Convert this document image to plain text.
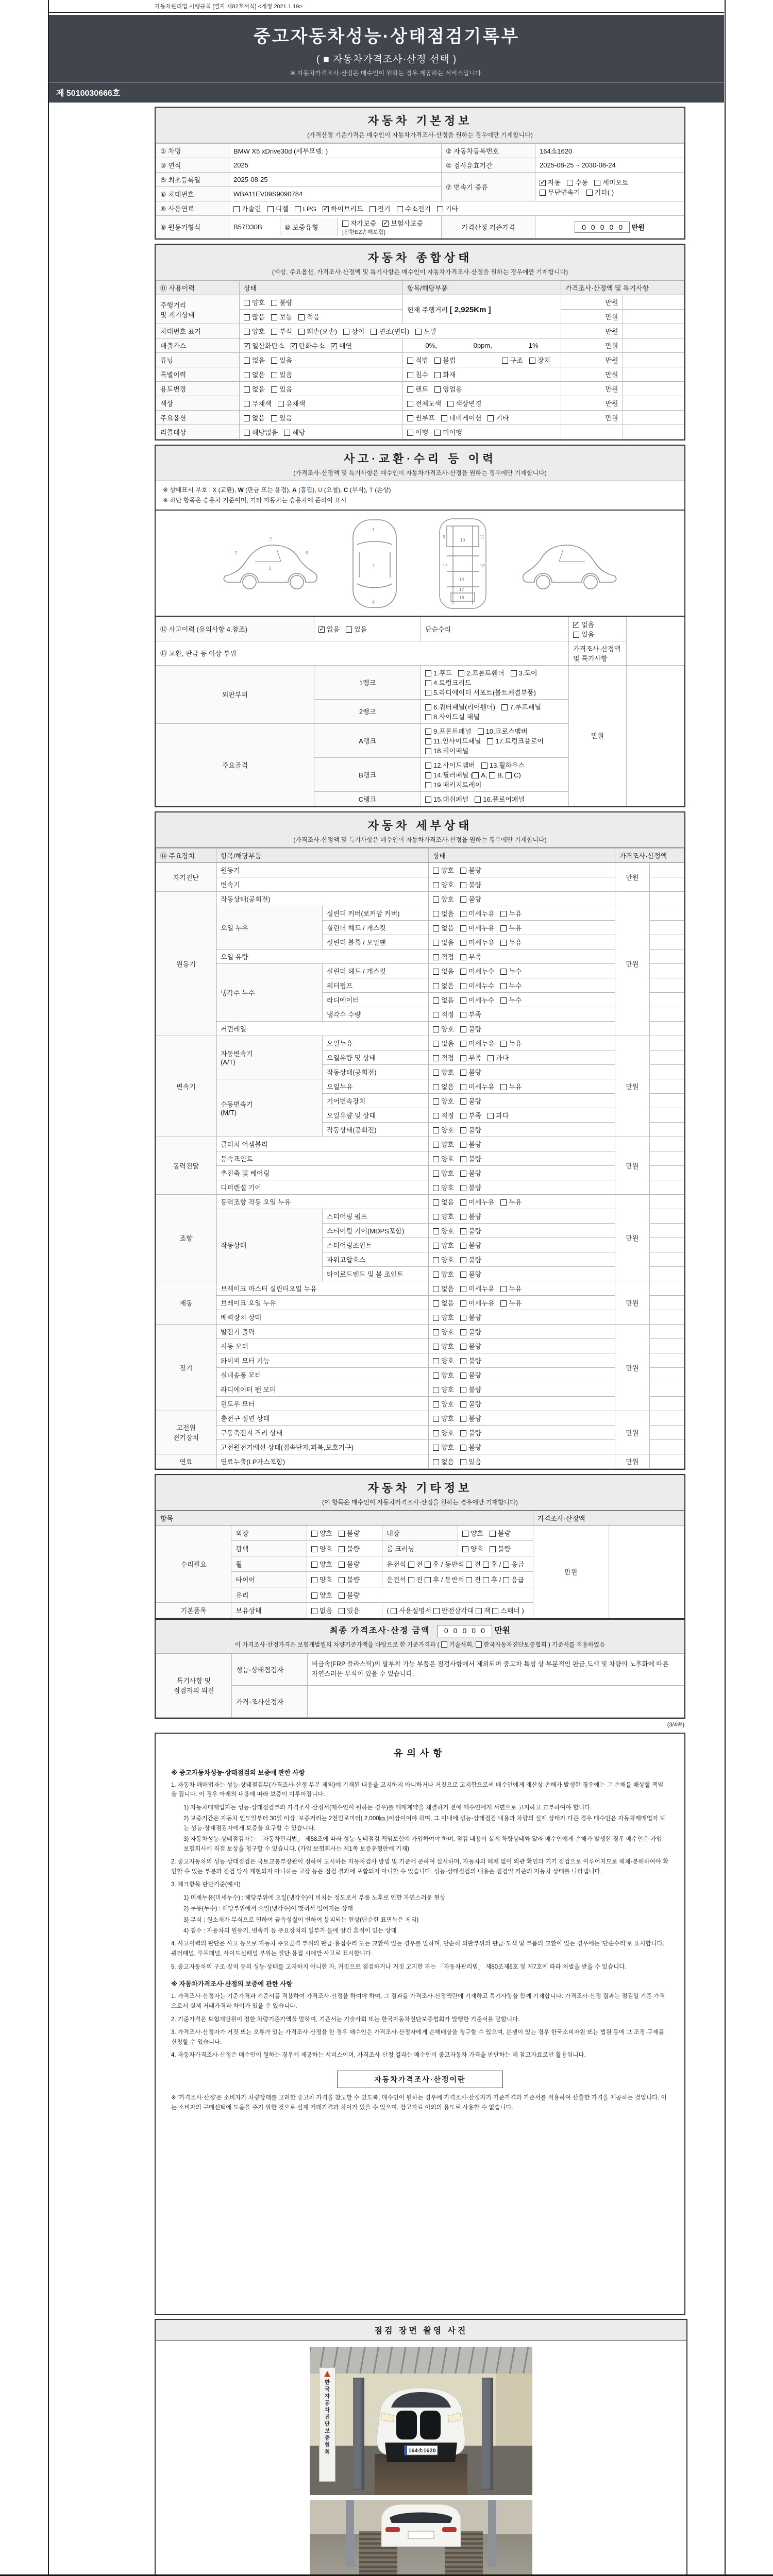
자동차관리법 시행규칙 [별지 제82호서식] <개정 2021.1.19>
중고자동차성능·상태점검기록부
( ■ 자동차가격조사·산정 선택 )
※ 자동차가격조사·산정은 매수인이 원하는 경우 제공하는 서비스입니다.
제 5010030666호
자동차 기본정보
(가격산정 기준가격은 매수인이 자동차가격조사·산정을 원하는 경우에만 기재합니다)
① 차명	BMW X5 xDrive30d (세부모델: )	② 자동차등록번호	164소1620
③ 연식	2025	④ 검사유효기간	2025-08-25 ~ 2030-08-24
⑤ 최초등록일	2025-08-25	⑦ 변속기 종류	✓자동 수동 세미오토
무단변속기 기타( )
⑥ 차대번호	WBA11EV09S9090784
⑧ 사용연료	가솔린 디젤 LPG ✓ 하이브리드 전기 수소전기 기타
⑨ 원동기형식		B57D30B	⑩ 보증유형	자가보증 ✓ 보험사보증[신한EZ손해보험]
	가격산정 기준가격	0 0 0 0 0 만원
자동차 종합상태
(색상, 주요옵션, 가격조사·산정액 및 특기사항은 매수인이 자동차가격조사·산정을 원하는 경우에만 기재합니다)
⑪ 사용이력	상태	항목/해당부품	가격조사·산정액 및 특기사항	
주행거리
및 계기상태	양호 불량	현재 주행거리 [ 2,925Km ]	만원	
	많음 보통 적음		만원	
차대번호 표기	양호 부식 훼손(오손) 상이 변조(변타) 도말		만원	
배출가스	✓일산화탄소 ✓ 탄화수소 ✓ 매연	0%, 0ppm, 1%	만원	
튜닝	없음 있음	적법 불법 구조 장치	만원	
특별이력	없음 있음	침수 화재	만원	
용도변경	없음 있음	렌트 영업용	만원	
색상	무채색 유채색	전체도색 색상변경	만원	
주요옵션	없음 있음	썬루프 네비게이션 기타	만원	
리콜대상	해당없음 해당	이행 미이행		
사고·교환·수리 등 이력
(가격조사·산정액 및 특기사항은 매수인이 자동차가격조사·산정을 원하는 경우에만 기재합니다)
※ 상태표시 부호 : X (교환), W (판금 또는 용접), A (흠집), U (요철), C (부식), T (손상)
※ 하단 항목은 승용차 기준이며, 기타 자동차는 승용차에 준하여 표시
2
7
6
3
1
7
4
9
10
11
12	13
14
17
18
⑫ 사고이력 (유의사항 4.참조)	✓없음 있음	단순수리	✓없음있음
⑬ 교환, 판금 등 이상 부위			가격조사·산정액 및 특기사항	
외판부위	1랭크	1.후드 2.프론트휀더 3.도어4.트렁크리드5.라디에이터 서포트(볼트체결부품)	만원	
	2랭크	6.쿼터패널(리어휀더) 7.루프패널8.사이드실 패널		
주요골격	A랭크	9.프론트패널 10.크로스멤버11.인사이드패널 17.트렁크플로어18.리어패널		
	B랭크	12.사이드멤버 13.휠하우스14.필러패널 ( A, B, C)19.패키지트레이		
	C랭크	15.대쉬패널 16.플로어패널		
자동차 세부상태
(가격조사·산정액 및 특기사항은 매수인이 자동차가격조사·산정을 원하는 경우에만 기재합니다)
⑭ 주요장치	항목/해당부품		상태	가격조사·산정액	
자기진단	원동기		양호 불량	만원	
	변속기		양호 불량		
원동기	작동상태(공회전)		양호 불량	만원	
	오일 누유	실린더 커버(로커암 커버)	없음 미세누유 누유		
		실린더 헤드 / 개스킷	없음 미세누유 누유		
		실린더 블록 / 오일팬	없음 미세누유 누유		
	오일 유량		적정 부족		
	냉각수 누수	실린더 헤드 / 개스킷	없음 미세누수 누수		
		워터펌프	없음 미세누수 누수		
		라디에이터	없음 미세누수 누수		
		냉각수 수량	적정 부족		
	커먼레일		양호 불량		
변속기	자동변속기
(A/T)	오일누유	없음 미세누유 누유	만원	
		오일유량 및 상태	적정 부족 과다		
		작동상태(공회전)	양호 불량		
	수동변속기
(M/T)	오일누유	없음 미세누유 누유		
		기어변속장치	양호 불량		
		오일유량 및 상태	적정 부족 과다		
		작동상태(공회전)	양호 불량		
동력전달	클러치 어셈블리		양호 불량	만원	
	등속죠인트		양호 불량		
	추진축 및 베어링		양호 불량		
	디퍼렌셜 기어		양호 불량		
조향	동력조향 작동 오일 누유		없음 미세누유 누유	만원	
	작동상태	스티어링 펌프	양호 불량		
		스티어링 기어(MDPS포함)	양호 불량		
		스티어링조인트	양호 불량		
		파워고압호스	양호 불량		
		타이로드엔드 및 볼 조인트	양호 불량		
제동	브레이크 마스터 실린더오일 누유		없음 미세누유 누유	만원	
	브레이크 오일 누유		없음 미세누유 누유		
	배력장치 상태		양호 불량		
전기	발전기 출력		양호 불량	만원	
	시동 모터		양호 불량		
	와이퍼 모터 기능		양호 불량		
	실내송풍 모터		양호 불량		
	라디에이터 팬 모터		양호 불량		
	윈도우 모터		양호 불량		
고전원
전기장치	충전구 절연 상태		양호 불량	만원	
	구동축전지 격리 상태		양호 불량		
	고전원전기배선 상태(접속단자,피복,보호기구)		양호 불량		
연료	연료누출(LP가스포함)		없음 있음	만원	
자동차 기타정보
(이 항목은 매수인이 자동차가격조사·산정을 원하는 경우에만 기재합니다)
항목					가격조사·산정액	
수리필요	외장	양호 불량	내장	양호 불량	만원	
	광택	양호 불량	룸 크리닝	양호 불량		
	휠	양호 불량	운전석 전 후 / 동반석 전 후 / 응급			
	타이어	양호 불량	운전석 전 후 / 동반석 전 후 / 응급			
	유리	양호 불량				
기본품목	보유상태	없음 있음	( 사용설명서 안전삼각대 잭 스패너 )			
최종 가격조사·산정 금액 0 0 0 0 0 만원
이 가격조사·산정가격은 보험개발원의 차량기준가액을 바탕으로 한 기준가격과 ( 기술사회, 한국자동차진단보증협회 ) 기준서를 적용하였음
특기사항 및
점검자의 의견	성능·상태점검자	비금속(FRP 플라스틱)의 탈부착 가능 부품은 점검사항에서 제외되며 중고차 특성 상 부분적인 판금,도색 및 차량의 노후화에 따른 자연스러운 부식이 있을 수 있습니다.
	가격·조사산정자	
(3/4쪽)
유의사항
※ 중고자동차성능·상태점검의 보증에 관한 사항
1. 자동차 매매업자는 성능·상태점검부(가격조사·산정 부분 제외)에 기재된 내용을 고지하지 아니하거나 거짓으로 고지함으로써 매수인에게 재산상 손해가 발생한 경우에는 그 손해를 배상할 책임을 집니다. 이 경우 아래의 내용에 따라 보증이 이루어집니다.
1) 자동차매매업자는 성능·상태점검부와 가격조사·산정서(매수인이 원하는 경우)를 매매계약을 체결하기 전에 매수인에게 서면으로 고지하고 교부하여야 합니다.
2) 보증기간은 자동차 인도일부터 30일 이상, 보증거리는 2천킬로미터( 2,000㎞ )이상이어야 하며, 그 이내에 성능·상태점검 내용과 차량의 실제 상태가 다른 경우 매수인은 자동차매매업자 또는 성능·상태점검자에게 보증을 요구할 수 있습니다.
3) 자동차성능·상태점검자는 「자동차관리법」 제58조에 따라 성능·상태점검 책임보험에 가입하여야 하며, 점검 내용이 실제 차량상태와 달라 매수인에게 손해가 발생한 경우 매수인은 가입 보험회사에 직접 보상을 청구할 수 있습니다. (가입 보험회사는 제1쪽 보증유형란에 기재)
2. 중고자동차의 성능·상태점검은 국토교통부장관이 정하여 고시하는 자동차검사 방법 및 기준에 준하여 실시하며, 자동차의 해체 없이 외관 확인과 기기 점검으로 이루어지므로 해체·분해하여야 확인할 수 있는 부분과 점검 당시 재현되지 아니하는 고장 등은 점검 결과에 포함되지 아니할 수 있습니다. 성능·상태점검의 내용은 점검일 기준의 자동차 상태를 나타냅니다.
3. 체크항목 판단기준(예시)
1) 미세누유(미세누수) : 해당부위에 오일(냉각수)이 비치는 정도로서 부품 노후로 인한 자연스러운 현상
2) 누유(누수) : 해당부위에서 오일(냉각수)이 맺혀서 떨어지는 상태
3) 부식 : 원소재가 부식으로 인하여 금속성질이 변하여 붕괴되는 현상(단순한 표면녹은 제외)
4) 침수 : 자동차의 원동기, 변속기 등 주요장치의 일부가 물에 잠긴 흔적이 있는 상태
4. 사고이력의 판단은 사고 등으로 자동차 주요골격 부위의 판금·용접수리 또는 교환이 있는 경우를 말하며, 단순히 외판부위의 판금·도색 및 부품의 교환이 있는 경우에는 '단순수리'로 표시합니다. 쿼터패널, 루프패널, 사이드실패널 부위는 절단·용접 시에만 사고로 표시합니다.
5. 중고자동차의 구조·장치 등의 성능·상태를 고지하지 아니한 자, 거짓으로 점검하거나 거짓 고지한 자는 「자동차관리법」 제80조제6호 및 제7호에 따라 처벌을 받을 수 있습니다.
※ 자동차가격조사·산정의 보증에 관한 사항
1. 가격조사·산정자는 기준가격과 기준서를 적용하여 가격조사·산정을 하여야 하며, 그 결과를 가격조사·산정액란에 기재하고 특기사항을 함께 기재합니다. 가격조사·산정 결과는 점검일 기준 가격으로서 실제 거래가격과 차이가 있을 수 있습니다.
2. 기준가격은 보험개발원이 정한 차량기준가액을 말하며, 기준서는 기술사회 또는 한국자동차진단보증협회가 발행한 기준서를 말합니다.
3. 가격조사·산정자가 거짓 또는 오류가 있는 가격조사·산정을 한 경우 매수인은 가격조사·산정자에게 손해배상을 청구할 수 있으며, 분쟁이 있는 경우 한국소비자원 또는 법원 등에 그 조정·구제를 신청할 수 있습니다.
4. 자동차가격조사·산정은 매수인이 원하는 경우에 제공하는 서비스이며, 가격조사·산정 결과는 매수인이 중고자동차 가격을 판단하는 데 참고자료로만 활용됩니다.
자동차가격조사·산정이란
※ '가격조사·산정'은 소비자가 차량상태를 고려한 중고차 가격을 참고할 수 있도록, 매수인이 원하는 경우에 가격조사·산정자가 기준가격과 기준서를 적용하여 산출한 가격을 제공하는 것입니다. 이는 소비자의 구매선택에 도움을 주기 위한 것으로 실제 거래가격과 차이가 있을 수 있으며, 참고자료 이외의 용도로 사용할 수 없습니다.
점검 장면 촬영 사진
한국자동차진단보증협회	164소1620
